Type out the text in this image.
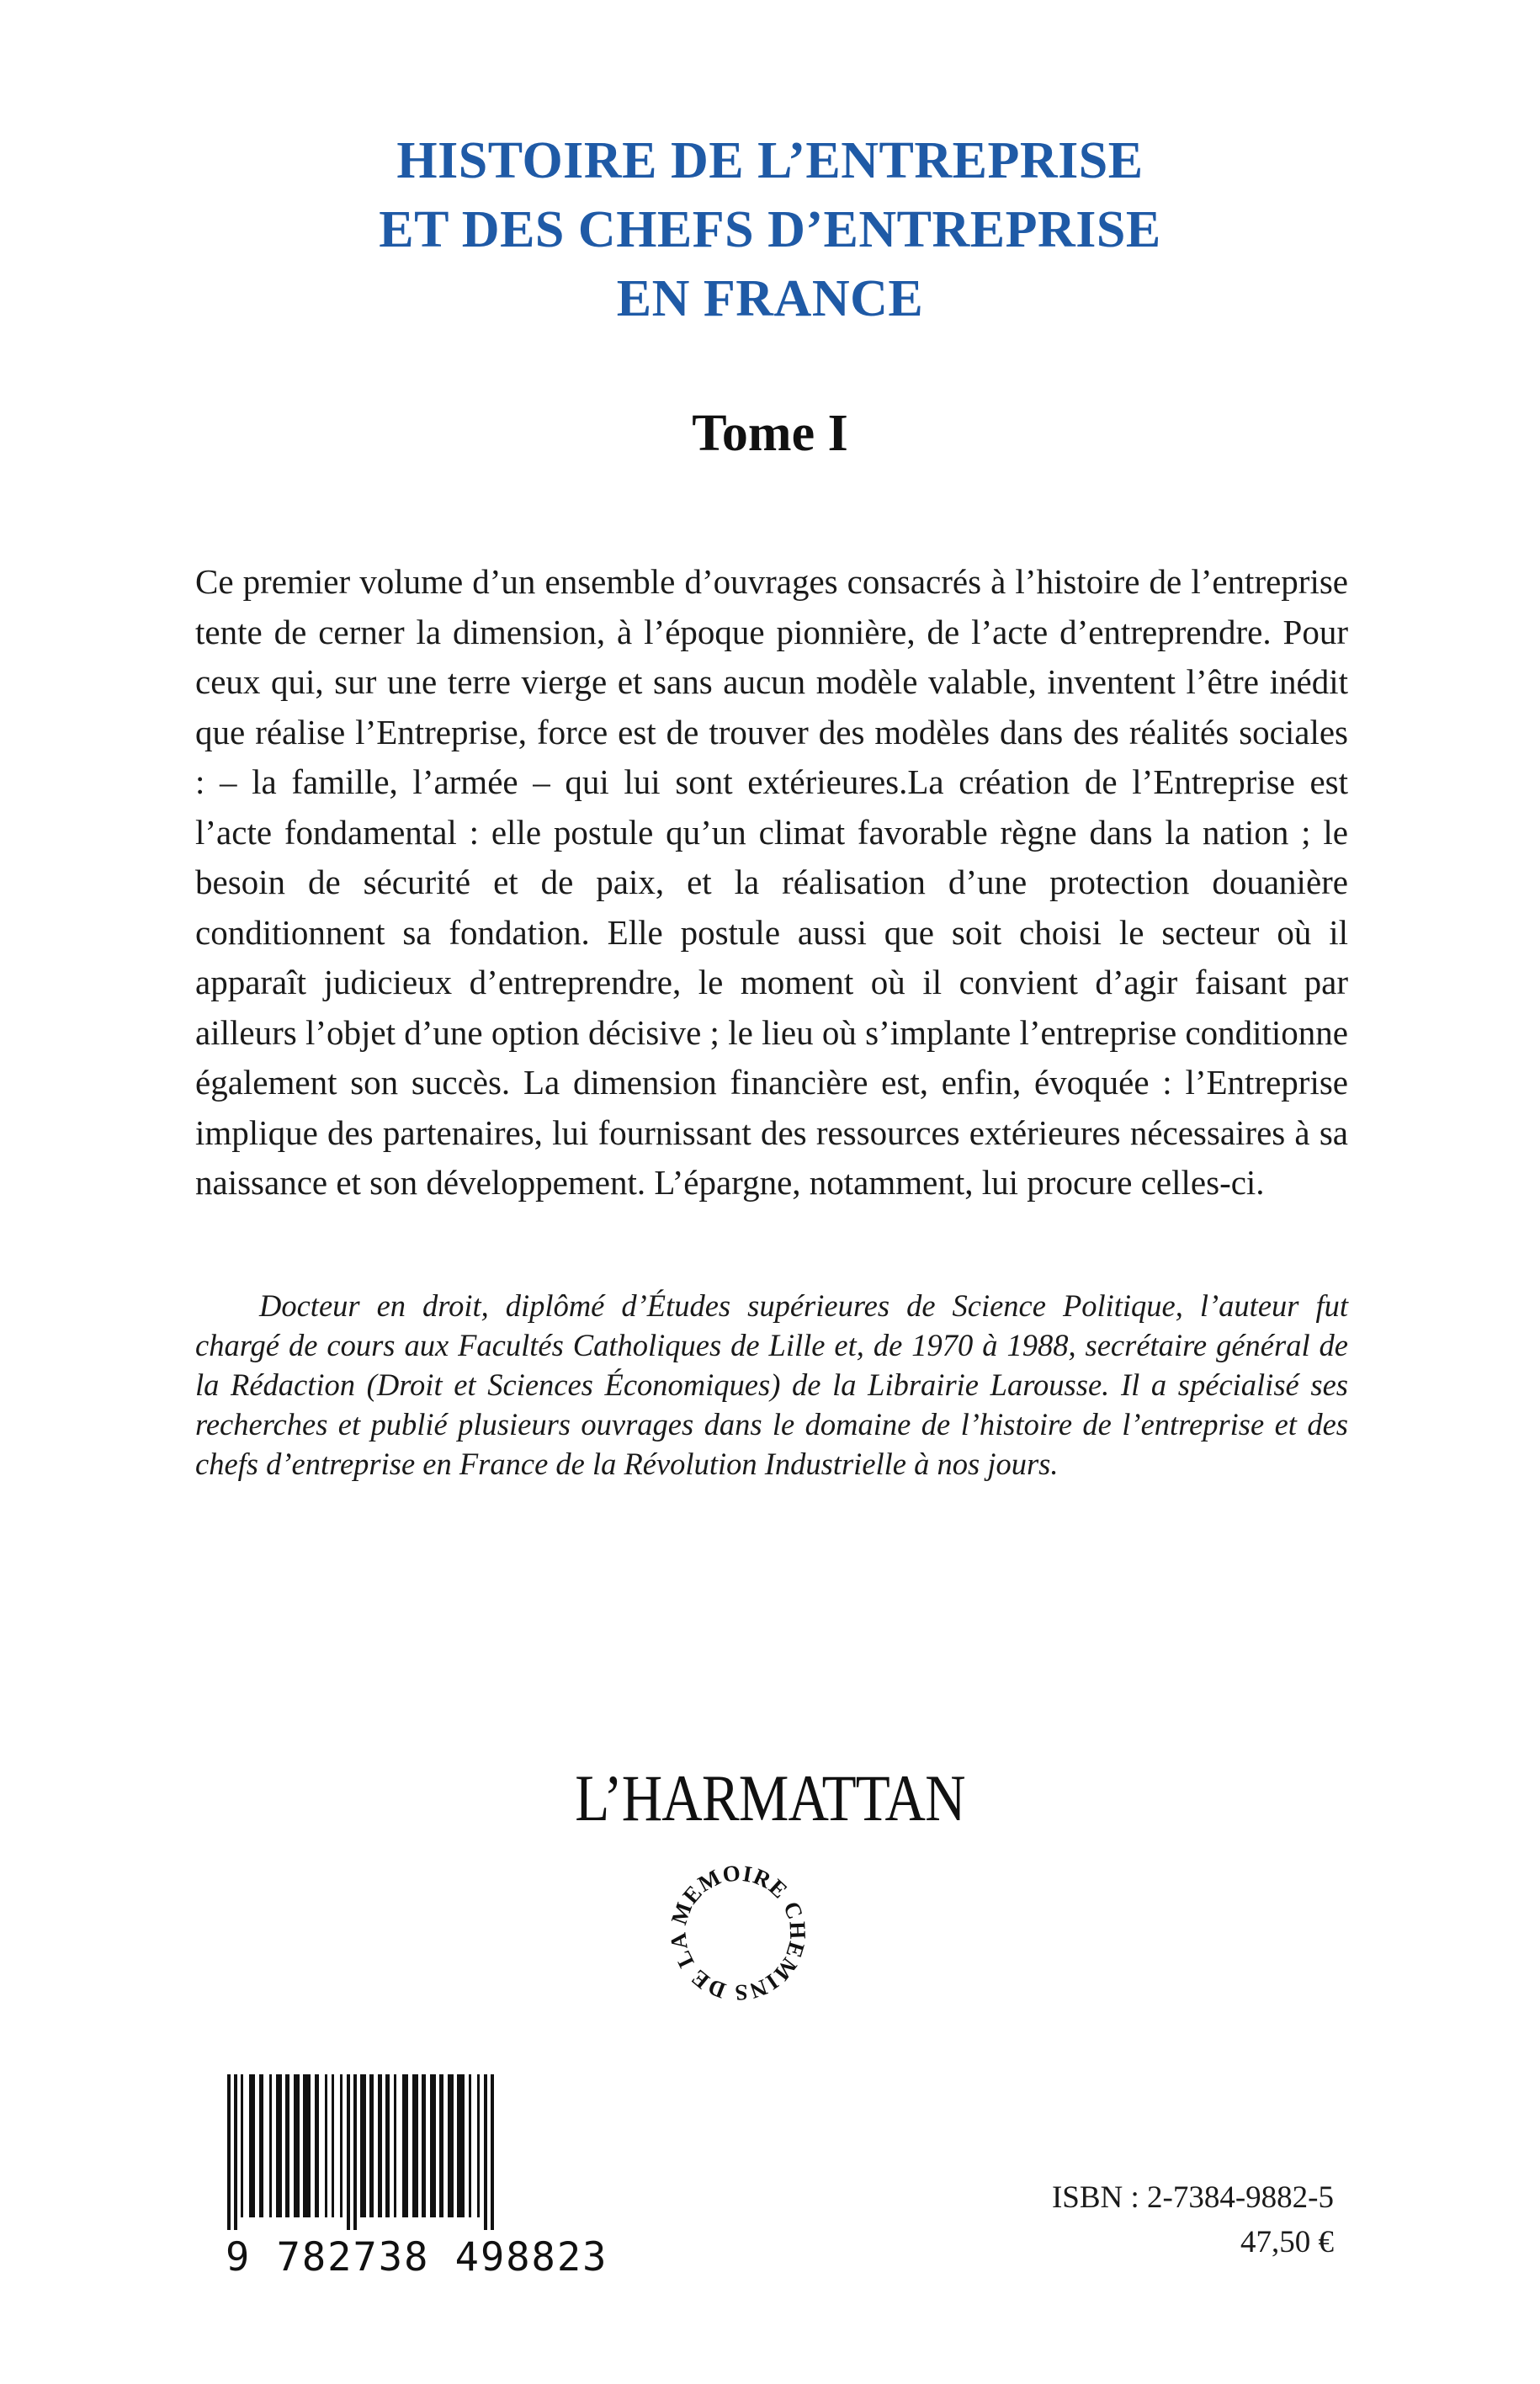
HISTOIRE DE L’ENTREPRISE
ET DES CHEFS D’ENTREPRISE
EN FRANCE
Tome I

Ce premier volume d’un ensemble d’ouvrages consacrés à l’histoire de l’entreprise tente de cerner la dimension, à l’époque pionnière, de l’acte d’entreprendre. Pour ceux qui, sur une terre vierge et sans aucun modèle valable, inventent l’être inédit que réalise l’Entreprise, force est de trouver des modèles dans des réalités sociales : – la famille, l’armée – qui lui sont extérieures.La création de l’Entreprise est l’acte fondamental : elle postule qu’un climat favorable règne dans la nation ; le besoin de sécurité et de paix, et la réalisation d’une protection douanière conditionnent sa fondation. Elle postule aussi que soit choisi le secteur où il apparaît judicieux d’entreprendre, le moment où il convient d’agir faisant par ailleurs l’objet d’une option décisive ; le lieu où s’implante l’entreprise conditionne également son succès. La dimension financière est, enfin, évoquée : l’Entreprise implique des partenaires, lui fournissant des ressources extérieures nécessaires à sa naissance et son développement. L’épargne, notamment, lui procure celles-ci.

Docteur en droit, diplômé d’Études supérieures de Science Politique, l’auteur fut chargé de cours aux Facultés Catholiques de Lille et, de 1970 à 1988, secrétaire général de la Rédaction (Droit et Sciences Économiques) de la Librairie Larousse. Il a spécialisé ses recherches et publié plusieurs ouvrages dans le domaine de l’histoire de l’entreprise et des chefs d’entreprise en France de la Révolution Industrielle à nos jours.

L’HARMATTAN
MEMOIRE CHEMINS DE LA
9 782738 498823
ISBN : 2-7384-9882-5
47,50 €
